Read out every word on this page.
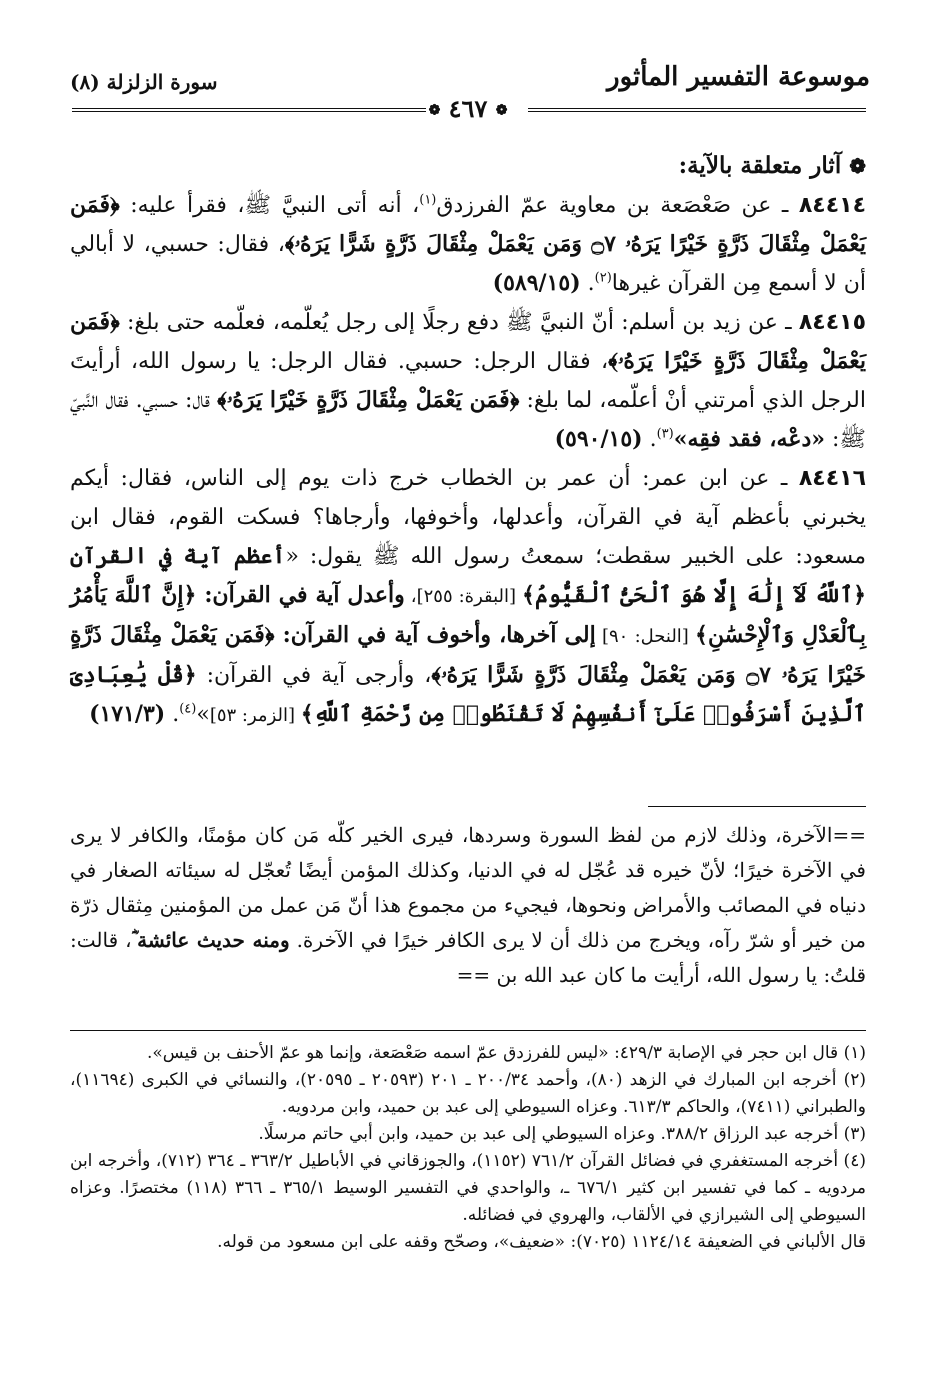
موسوعة التفسير المأثور
سورة الزلزلة (٨)
❁ ٤٦٧ ❁

❁ آثار متعلقة بالآية:

٨٤٤١٤ ـ عن صَعْصَعة بن معاوية عمّ الفرزدق$^{(١)}$، أنه أتى النبيَّ ﷺ، فقرأ عليه: ﴿فَمَن يَعْمَلْ مِثْقَالَ ذَرَّةٍ خَيْرًا يَرَهُۥ ۝٧ وَمَن يَعْمَلْ مِثْقَالَ ذَرَّةٍ شَرًّا يَرَهُۥ﴾، فقال: حسبي، لا أبالي أن لا أسمع مِن القرآن غيرها$^{(٢)}$. (٥٨٩/١٥)

٨٤٤١٥ ـ عن زيد بن أسلم: أنّ النبيَّ ﷺ دفع رجلًا إلى رجل يُعلّمه، فعلّمه حتى بلغ: ﴿فَمَن يَعْمَلْ مِثْقَالَ ذَرَّةٍ خَيْرًا يَرَهُۥ﴾، فقال الرجل: حسبي. فقال الرجل: يا رسول الله، أرأيتَ الرجل الذي أمرتني أنْ أعلّمه، لما بلغ: ﴿فَمَن يَعْمَلْ مِثْقَالَ ذَرَّةٍ خَيْرًا يَرَهُۥ﴾ قال: حسبي. فقال النَّبيّ ﷺ: «دعْه، فقد فقِه»$^{(٣)}$. (٥٩٠/١٥)

٨٤٤١٦ ـ عن ابن عمر: أن عمر بن الخطاب خرج ذات يوم إلى الناس، فقال: أيكم يخبرني بأعظم آية في القرآن، وأعدلها، وأخوفها، وأرجاها؟ فسكت القوم، فقال ابن مسعود: على الخبير سقطت؛ سمعتُ رسول الله ﷺ يقول: «أعظم آية في القرآن ﴿ٱللَّهُ لَآ إِلَٰهَ إِلَّا هُوَ ٱلْحَىُّ ٱلْقَيُّومُ﴾ [البقرة: ٢٥٥]، وأعدل آية في القرآن: ﴿إِنَّ ٱللَّهَ يَأْمُرُ بِٱلْعَدْلِ وَٱلْإِحْسَٰنِ﴾ [النحل: ٩٠] إلى آخرها، وأخوف آية في القرآن: ﴿فَمَن يَعْمَلْ مِثْقَالَ ذَرَّةٍ خَيْرًا يَرَهُۥ ۝٧ وَمَن يَعْمَلْ مِثْقَالَ ذَرَّةٍ شَرًّا يَرَهُۥ﴾، وأرجى آية في القرآن: ﴿قُلْ يَٰعِبَادِىَ ٱلَّذِينَ أَسْرَفُوا۟ عَلَىٰٓ أَنفُسِهِمْ لَا تَقْنَطُوا۟ مِن رَّحْمَةِ ٱللَّهِ﴾ [الزمر: ٥٣]»$^{(٤)}$. (١٧١/٣)

==الآخرة، وذلك لازم من لفظ السورة وسردها، فيرى الخير كلّه مَن كان مؤمنًا، والكافر لا يرى في الآخرة خيرًا؛ لأنّ خيره قد عُجّل له في الدنيا، وكذلك المؤمن أيضًا تُعجّل له سيئاته الصغار في دنياه في المصائب والأمراض ونحوها، فيجيء من مجموع هذا أنّ مَن عمل من المؤمنين مِثقال ذرّة من خير أو شرّ رآه، ويخرج من ذلك أن لا يرى الكافر خيرًا في الآخرة. ومنه حديث عائشة ؓ، قالت: قلتُ: يا رسول الله، أرأيت ما كان عبد الله بن ==

(١) قال ابن حجر في الإصابة ٤٢٩/٣: «ليس للفرزدق عمّ اسمه صَعْصَعة، وإنما هو عمّ الأحنف بن قيس».

(٢) أخرجه ابن المبارك في الزهد (٨٠)، وأحمد ٢٠٠/٣٤ ـ ٢٠١ (٢٠٥٩٣ ـ ٢٠٥٩٥)، والنسائي في الكبرى (١١٦٩٤)، والطبراني (٧٤١١)، والحاكم ٦١٣/٣. وعزاه السيوطي إلى عبد بن حميد، وابن مردويه.

(٣) أخرجه عبد الرزاق ٣٨٨/٢. وعزاه السيوطي إلى عبد بن حميد، وابن أبي حاتم مرسلًا.

(٤) أخرجه المستغفري في فضائل القرآن ٧٦١/٢ (١١٥٢)، والجوزقاني في الأباطيل ٣٦٣/٢ ـ ٣٦٤ (٧١٢)، وأخرجه ابن مردويه ـ كما في تفسير ابن كثير ٦٧٦/١ ـ، والواحدي في التفسير الوسيط ٣٦٥/١ ـ ٣٦٦ (١١٨) مختصرًا. وعزاه السيوطي إلى الشيرازي في الألقاب، والهروي في فضائله.

قال الألباني في الضعيفة ١١٢٤/١٤ (٧٠٢٥): «ضعيف»، وصحّح وقفه على ابن مسعود من قوله.
